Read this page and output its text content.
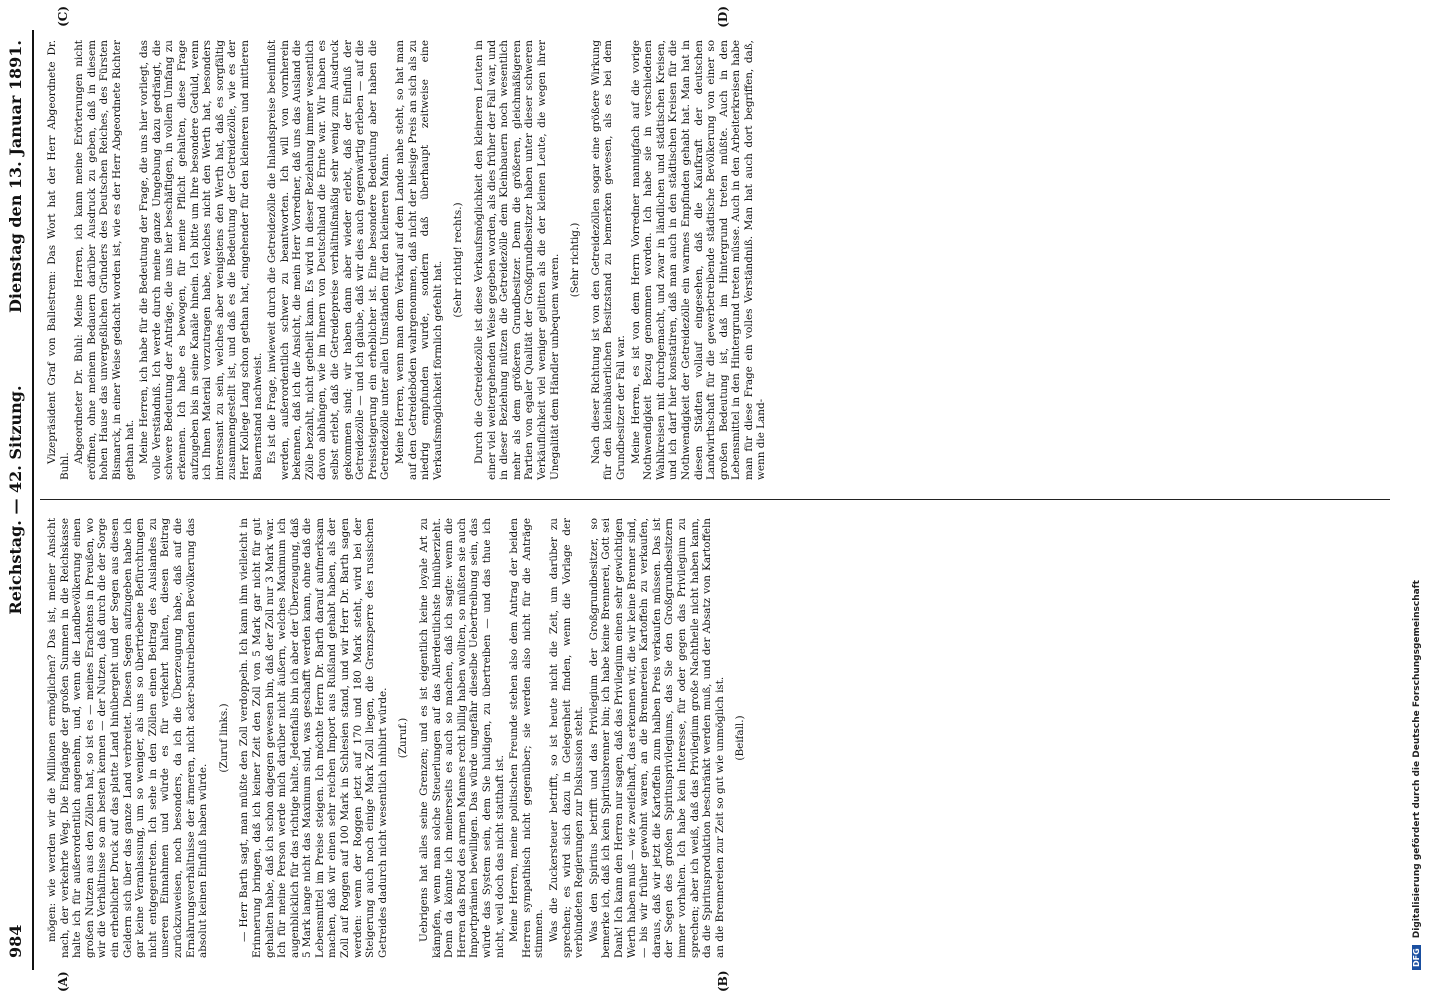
984
Reichstag. — 42. Sitzung.
Dienstag den 13. Januar 1891.
(A)	(B)
(C)	(D)

mögen: wie werden wir die Millionen ermöglichen? Das ist, meiner Ansicht nach, der verkehrte Weg. Die Eingänge der großen Summen in die Reichskasse halte ich für außerordentlich angenehm, und, wenn die Landbevölkerung einen großen Nutzen aus den Zöllen hat, so ist es — meines Erachtens in Preußen, wo wir die Verhältnisse so am besten kennen — der Nutzen, daß durch die der Sorge ein erheblicher Druck auf das platte Land hinübergeht und der Segen aus diesen Geldern sich über das ganze Land verbreitet. Diesen Segen aufzugeben habe ich gar keine Veranlassung, um so weniger, als uns so übertriebene Befürchtungen nicht entgegentreten. Ich sehe in den Zöllen einen Beitrag des Auslandes zu unseren Einnahmen und würde es für verkehrt halten, diesen Beitrag zurückzuweisen, noch besonders, da ich die Überzeugung habe, daß auf die Ernährungsverhältnisse der ärmeren, nicht acker-bautreibenden Bevölkerung das absolut keinen Einfluß haben würde.

(Zuruf links.) — Herr Barth sagt, man müßte den Zoll verdoppeln. Ich kann ihm vielleicht in Erinnerung bringen, daß ich keiner Zeit den Zoll von 5 Mark gar nicht für gut gehalten habe, daß ich schon dagegen gewesen bin, daß der Zoll nur 3 Mark war. Ich für meine Person werde mich darüber nicht äußern, welches Maximum ich augenblicklich für das richtige halte. Jedenfalls bin ich aber der Überzeugung, daß 5 Mark lange nicht das Maximum sind, was geschafft werden kann, ohne daß die Lebensmittel im Preise steigen. Ich möchte Herrn Dr. Barth darauf aufmerksam machen, daß wir einen sehr reichen Import aus Rußland gehabt haben, als der Zoll auf Roggen auf 100 Mark in Schlesien stand, und wir Herr Dr. Barth sagen werden: wenn der Roggen jetzt auf 170 und 180 Mark steht, wird bei der Steigerung auch noch einige Mark Zoll liegen, die Grenzsperre des russischen Getreides dadurch nicht wesentlich inhibirt würde. (Zuruf.) Uebrigens hat alles seine Grenzen; und es ist eigentlich keine loyale Art zu kämpfen, wenn man solche Steuerlungen auf das Allerdeutlichste hinüberzieht. Denn da könnte ich meinerseits es auch so machen, daß ich sagte: wenn die Herren das Brod des armen Mannes recht billig haben wollten, so müßten sie auch Importprämien bewilligen. Das würde ungefähr dieselbe Uebertreibung sein, das würde das System sein, dem Sie huldigen, zu übertreiben — und das thue ich nicht, weil doch das nicht statthaft ist. Meine Herren, meine politischen Freunde stehen also dem Antrag der beiden Herren sympathisch nicht gegenüber; sie werden also nicht für die Anträge stimmen. Was die Zuckersteuer betrifft, so ist heute nicht die Zeit, um darüber zu sprechen; es wird sich dazu in Gelegenheit finden, wenn die Vorlage der verbündeten Regierungen zur Diskussion steht. Was den Spiritus betrifft und das Privilegium der Großgrundbesitzer, so bemerke ich, daß ich kein Spiritusbrenner bin; ich habe keine Brennerei, Gott sei Dank! Ich kann den Herren nur sagen, daß das Privilegium einen sehr gewichtigen Werth haben muß — wie zweifelhaft, das erkennen wir, die wir keine Brenner sind, — bis wir früher gewohnt waren, an die Brennereien Kartoffeln zu verkaufen, daraus, daß wir jetzt die Kartoffeln zum halben Preis verkaufen müssen. Das ist der Segen des großen Spiritusprivilegiums, das Sie den Großgrundbesitzern immer vorhalten. Ich habe kein Interesse, für oder gegen das Privilegium zu sprechen; aber ich weiß, daß das Privilegium große Nachtheile nicht haben kann, da die Spiritusproduktion beschränkt werden muß, und der Absatz von Kartoffeln an die Brennereien zur Zeit so gut wie unmöglich ist. (Beifall.)

Vizepräsident Graf von Ballestrem: Das Wort hat der Herr Abgeordnete Dr. Buhl.

Abgeordneter Dr. Buhl: Meine Herren, ich kann meine Erörterungen nicht eröffnen, ohne meinem Bedauern darüber Ausdruck zu geben, daß in diesem hohen Hause das unvergeßlichen Gründers des Deutschen Reiches, des Fürsten Bismarck, in einer Weise gedacht worden ist, wie es der Herr Abgeordnete Richter gethan hat. Meine Herren, ich habe für die Bedeutung der Frage, die uns hier vorliegt, das volle Verständniß. Ich werde durch meine ganze Umgebung dazu gedrängt, die schwere Bedeutung der Anträge, die uns hier beschäftigen, in vollem Umfang zu erkennen. Ich habe es bewogen, für meine Pflicht gehalten, diese Frage aufzugeben bis in seine Kanäle hinein. Ich bitte um Ihre besondere Geduld, wenn ich Ihnen Material vorzutragen habe, welches nicht den Werth hat, besonders interessant zu sein, welches aber wenigstens den Werth hat, daß es sorgfältig zusammengestellt ist, und daß es die Bedeutung der Getreidezölle, wie es der Herr Kollege Lang schon gethan hat, eingehender für den kleineren und mittleren Bauernstand nachweist. Es ist die Frage, inwieweit durch die Getreidezölle die Inlandspreise beeinflußt werden, außerordentlich schwer zu beantworten. Ich will von vornherein bekennen, daß ich die Ansicht, die mein Herr Vorredner, daß uns das Ausland die Zölle bezahlt, nicht getheilt kann. Es wird in dieser Beziehung immer wesentlich davon abhängen, wie im Innern von Deutschland die Ernte war. Wir haben es selbst erlebt, daß die Getreidepreise verhältnißmäßig sehr wenig zum Ausdruck gekommen sind; wir haben dann aber wieder erlebt, daß der Einfluß der Getreidezölle — und ich glaube, daß wir dies auch gegenwärtig erleben — auf die Preissteigerung ein erheblicher ist. Eine besondere Bedeutung aber haben die Getreidezölle unter allen Umständen für den kleineren Mann. Meine Herren, wenn man dem Verkauf auf dem Lande nahe steht, so hat man auf den Getreideböden wahrgenommen, daß nicht der hiesige Preis an sich als zu niedrig empfunden wurde, sondern daß überhaupt zeitweise eine Verkaufsmöglichkeit förmlich gefehlt hat.

(Sehr richtig! rechts.) Durch die Getreidezölle ist diese Verkaufsmöglichkeit den kleineren Leuten in einer viel weitergehenden Weise gegeben worden, als dies früher der Fall war, und in dieser Beziehung nützen die Getreidezölle dem Kleinbauern noch wesentlich mehr als dem größeren Grundbesitzer. Denn die größeren, gleichmäßigeren Partien von egaler Qualität der Großgrundbesitzer haben unter dieser schweren Verkäuflichkeit viel weniger gelitten als die der kleinen Leute, die wegen ihrer Unegalität dem Händler unbequem waren. (Sehr richtig.) Nach dieser Richtung ist von den Getreidezöllen sogar eine größere Wirkung für den kleinbäuerlichen Besitzstand zu bemerken gewesen, als es bei dem Grundbesitzer der Fall war. Meine Herren, es ist von dem Herrn Vorredner mannigfach auf die vorige Nothwendigkeit Bezug genommen worden. Ich habe sie in verschiedenen Wahlkreisen mit durchgemacht, und zwar in ländlichen und städtischen Kreisen, und ich darf hier konstatiren, daß man auch in den städtischen Kreisen für die Nothwendigkeit der Getreidezölle ein warmes Empfinden gehabt hat. Man hat in diesen Städten vollauf eingesehen, daß die Kaufkraft der deutschen Landwirthschaft für die gewerbetreibende städtische Bevölkerung von einer so großen Bedeutung ist, daß im Hintergrund treten müßte. Auch in den Lebensmittel in den Hintergrund treten müsse. Auch in den Arbeiterkreisen habe man für diese Frage ein volles Verständniß. Man hat auch dort begriffen, daß, wenn die Land-

DFG Digitalisierung gefördert durch die Deutsche Forschungsgemeinschaft
